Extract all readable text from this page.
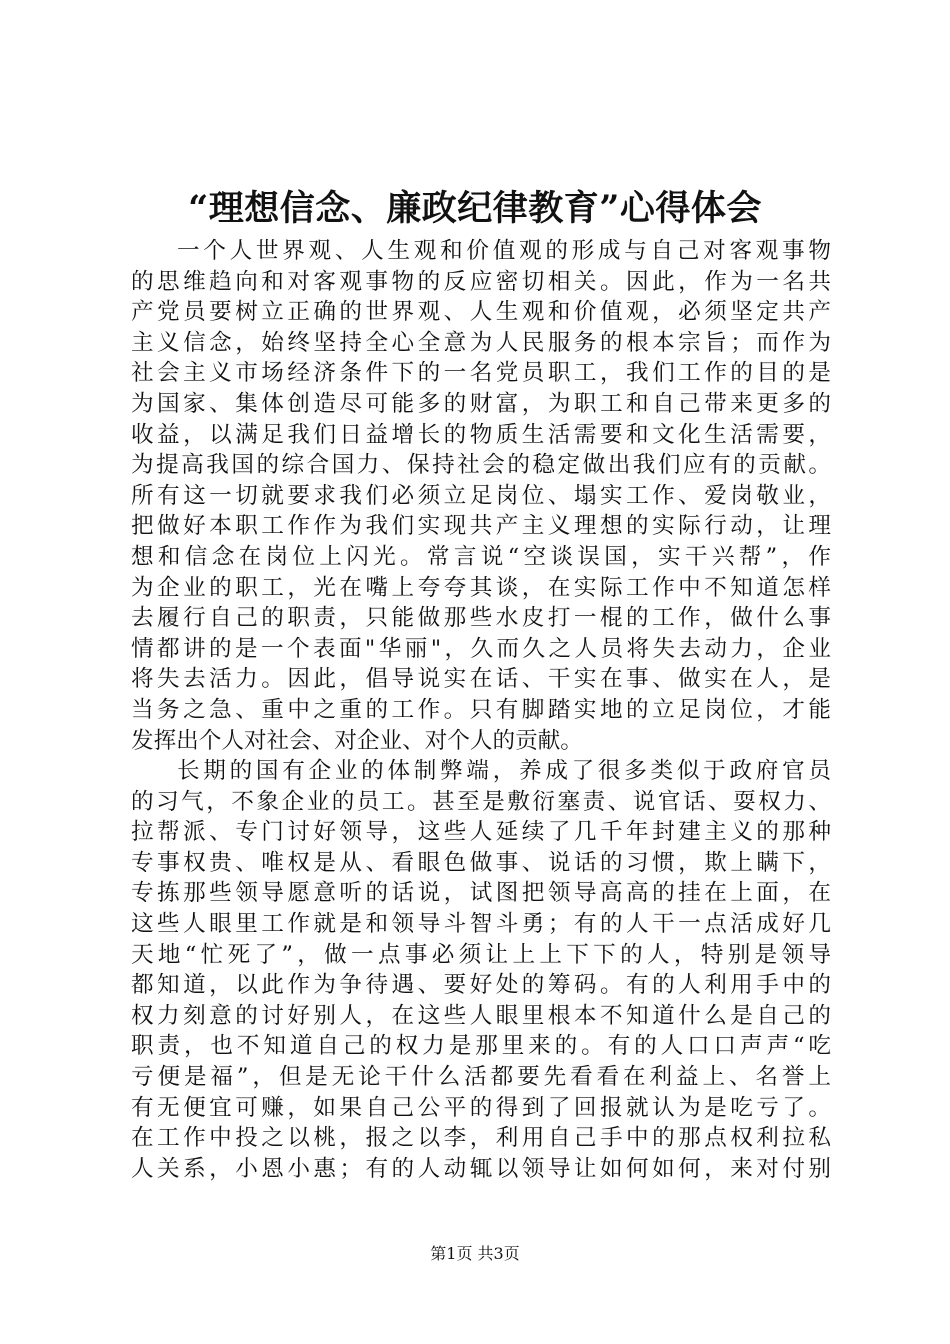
“理想信念、廉政纪律教育”心得体会
一个人世界观、人生观和价值观的形成与自己对客观事物
的思维趋向和对客观事物的反应密切相关。因此，作为一名共
产党员要树立正确的世界观、人生观和价值观，必须坚定共产
主义信念，始终坚持全心全意为人民服务的根本宗旨；而作为
社会主义市场经济条件下的一名党员职工，我们工作的目的是
为国家、集体创造尽可能多的财富，为职工和自己带来更多的
收益，以满足我们日益增长的物质生活需要和文化生活需要，
为提高我国的综合国力、保持社会的稳定做出我们应有的贡献。
所有这一切就要求我们必须立足岗位、塌实工作、爱岗敬业，
把做好本职工作作为我们实现共产主义理想的实际行动，让理
想和信念在岗位上闪光。常言说“空谈误国，实干兴帮”，作
为企业的职工，光在嘴上夸夸其谈，在实际工作中不知道怎样
去履行自己的职责，只能做那些水皮打一棍的工作，做什么事
情都讲的是一个表面"华丽"，久而久之人员将失去动力，企业
将失去活力。因此，倡导说实在话、干实在事、做实在人，是
当务之急、重中之重的工作。只有脚踏实地的立足岗位，才能
发挥出个人对社会、对企业、对个人的贡献。
长期的国有企业的体制弊端，养成了很多类似于政府官员
的习气，不象企业的员工。甚至是敷衍塞责、说官话、耍权力、
拉帮派、专门讨好领导，这些人延续了几千年封建主义的那种
专事权贵、唯权是从、看眼色做事、说话的习惯，欺上瞒下，
专拣那些领导愿意听的话说，试图把领导高高的挂在上面，在
这些人眼里工作就是和领导斗智斗勇；有的人干一点活成好几
天地“忙死了”，做一点事必须让上上下下的人，特别是领导
都知道，以此作为争待遇、要好处的筹码。有的人利用手中的
权力刻意的讨好别人，在这些人眼里根本不知道什么是自己的
职责，也不知道自己的权力是那里来的。有的人口口声声“吃
亏便是福”，但是无论干什么活都要先看看在利益上、名誉上
有无便宜可赚，如果自己公平的得到了回报就认为是吃亏了。
在工作中投之以桃，报之以李，利用自己手中的那点权利拉私
人关系，小恩小惠；有的人动辄以领导让如何如何，来对付别
第1页 共3页
